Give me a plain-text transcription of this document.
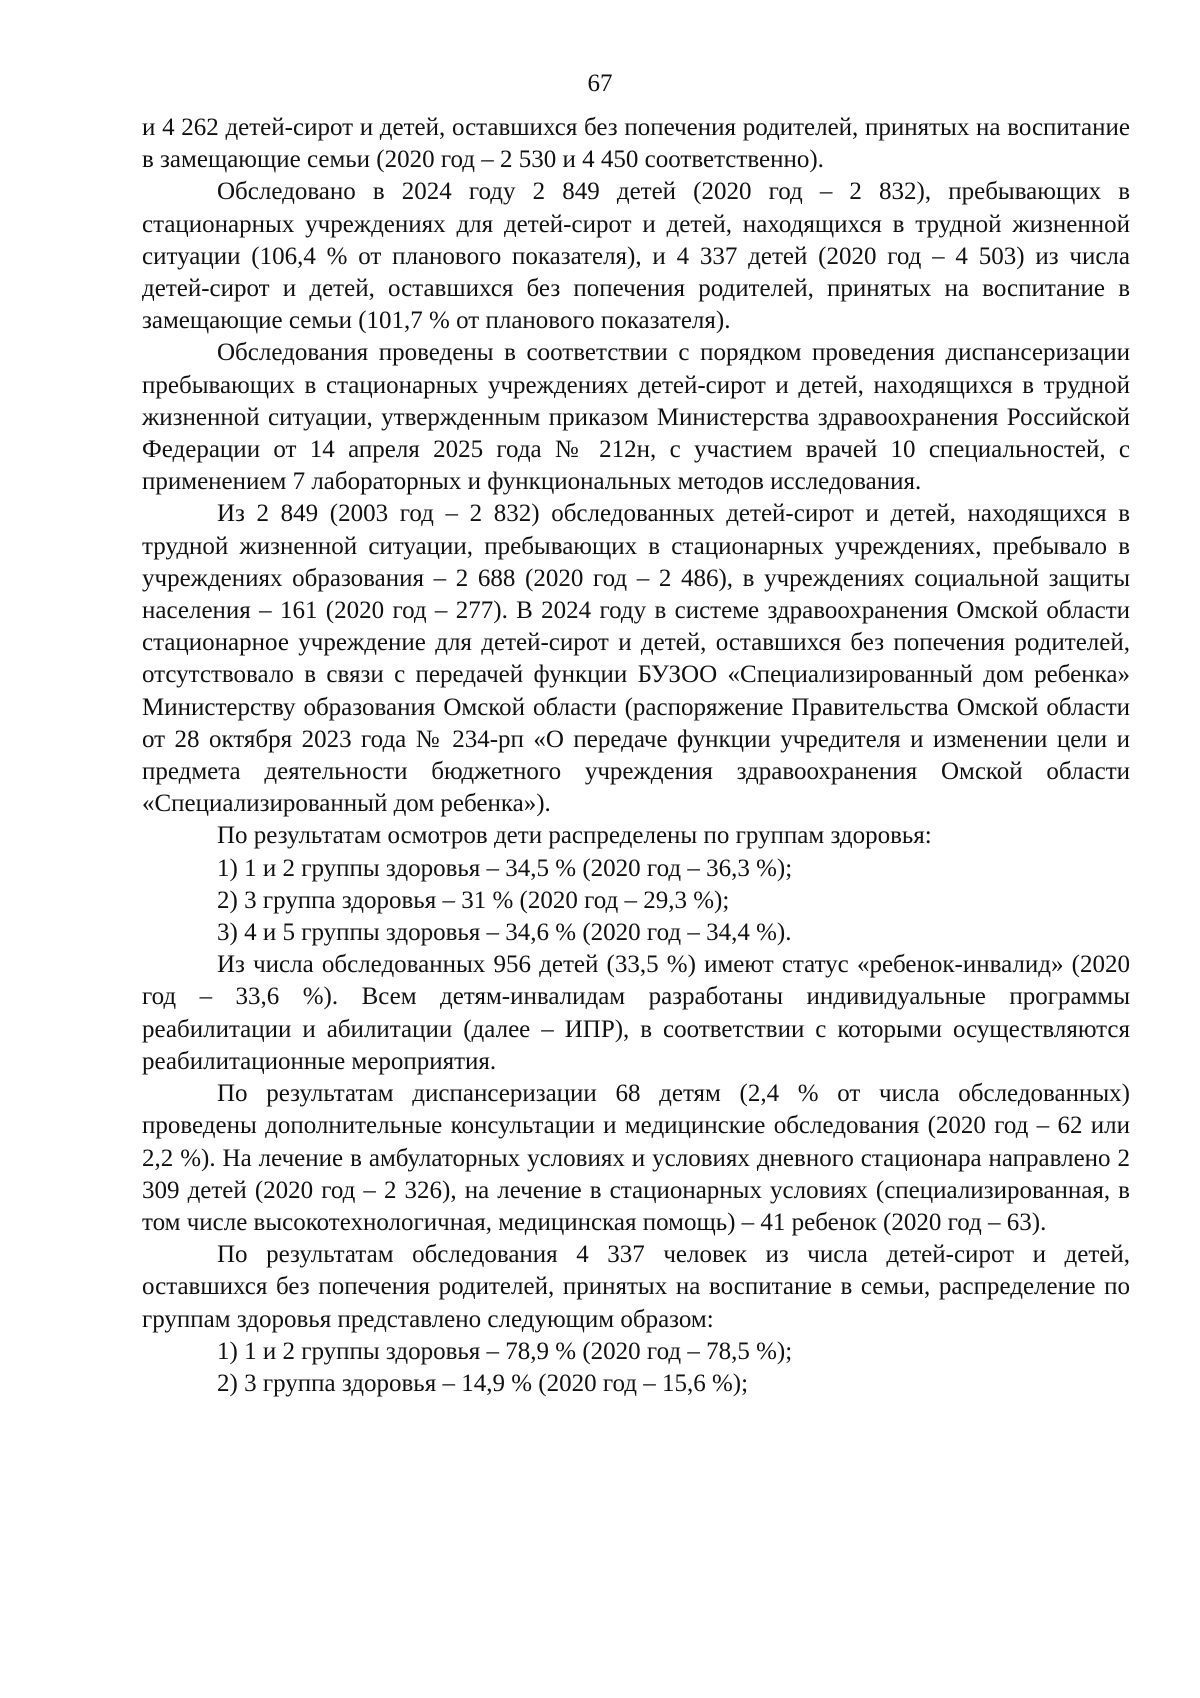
67

и 4 262 детей-сирот и детей, оставшихся без попечения родителей, принятых на воспитание в замещающие семьи (2020 год – 2 530 и 4 450 соответственно).

Обследовано в 2024 году 2 849 детей (2020 год – 2 832), пребывающих в стационарных учреждениях для детей-сирот и детей, находящихся в трудной жизненной ситуации (106,4 % от планового показателя), и 4 337 детей (2020 год – 4 503) из числа детей-сирот и детей, оставшихся без попечения родителей, принятых на воспитание в замещающие семьи (101,7 % от планового показателя).

Обследования проведены в соответствии с порядком проведения диспансеризации пребывающих в стационарных учреждениях детей-сирот и детей, находящихся в трудной жизненной ситуации, утвержденным приказом Министерства здравоохранения Российской Федерации от 14 апреля 2025 года № 212н, с участием врачей 10 специальностей, с применением 7 лабораторных и функциональных методов исследования.

Из 2 849 (2003 год – 2 832) обследованных детей-сирот и детей, находящихся в трудной жизненной ситуации, пребывающих в стационарных учреждениях, пребывало в учреждениях образования – 2 688 (2020 год – 2 486), в учреждениях социальной защиты населения – 161 (2020 год – 277). В 2024 году в системе здравоохранения Омской области стационарное учреждение для детей-сирот и детей, оставшихся без попечения родителей, отсутствовало в связи с передачей функции БУЗОО «Специализированный дом ребенка» Министерству образования Омской области (распоряжение Правительства Омской области от 28 октября 2023 года № 234-рп «О передаче функции учредителя и изменении цели и предмета деятельности бюджетного учреждения здравоохранения Омской области «Специализированный дом ребенка»).

По результатам осмотров дети распределены по группам здоровья:

1) 1 и 2 группы здоровья – 34,5 % (2020 год – 36,3 %);

2) 3 группа здоровья – 31 % (2020 год – 29,3 %);

3) 4 и 5 группы здоровья – 34,6 % (2020 год – 34,4 %).

Из числа обследованных 956 детей (33,5 %) имеют статус «ребенок-инвалид» (2020 год – 33,6 %). Всем детям-инвалидам разработаны индивидуальные программы реабилитации и абилитации (далее – ИПР), в соответствии с которыми осуществляются реабилитационные мероприятия.

По результатам диспансеризации 68 детям (2,4 % от числа обследованных) проведены дополнительные консультации и медицинские обследования (2020 год – 62 или 2,2 %). На лечение в амбулаторных условиях и условиях дневного стационара направлено 2 309 детей (2020 год – 2 326), на лечение в стационарных условиях (специализированная, в том числе высокотехнологичная, медицинская помощь) – 41 ребенок (2020 год – 63).

По результатам обследования 4 337 человек из числа детей-сирот и детей, оставшихся без попечения родителей, принятых на воспитание в семьи, распределение по группам здоровья представлено следующим образом:

1) 1 и 2 группы здоровья – 78,9 % (2020 год – 78,5 %);

2) 3 группа здоровья – 14,9 % (2020 год – 15,6 %);
